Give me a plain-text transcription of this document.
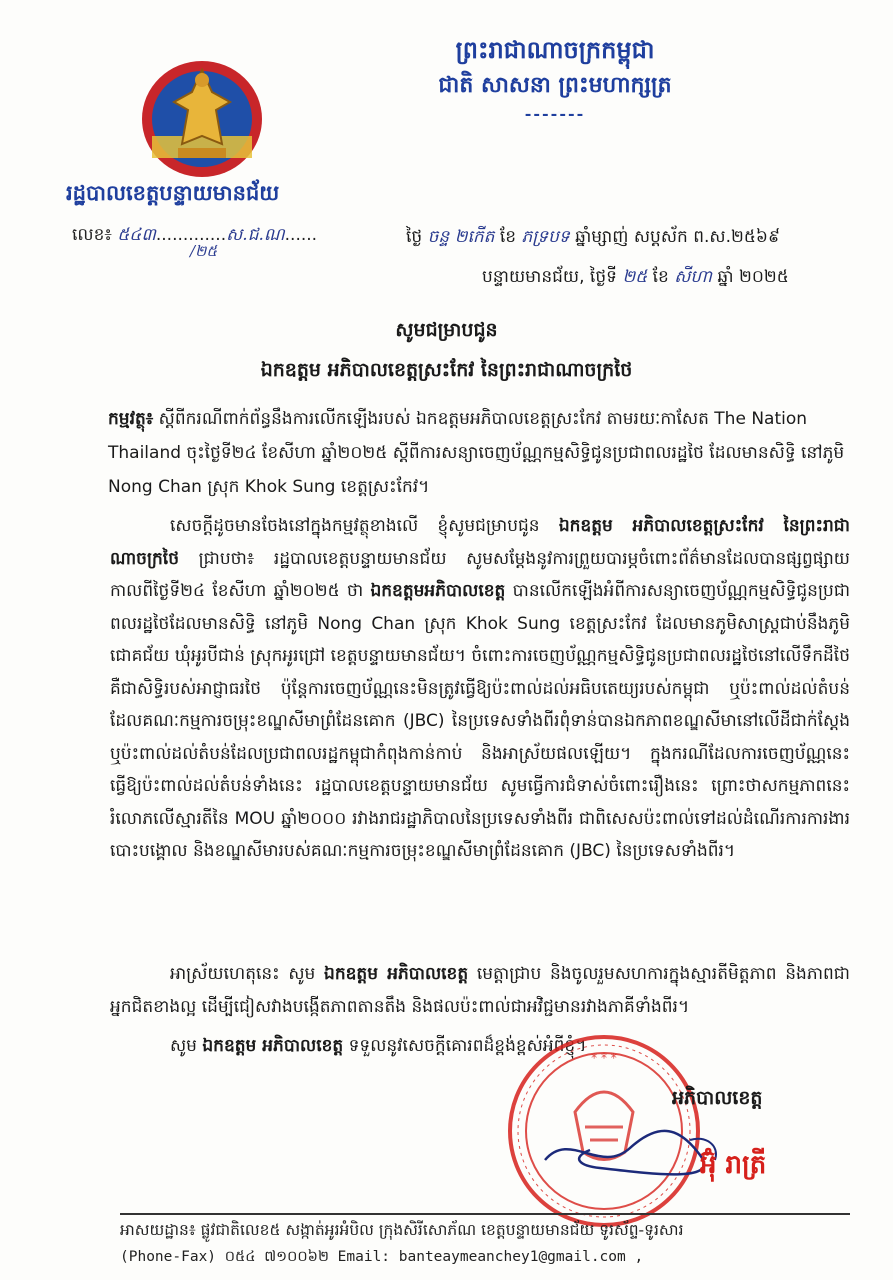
ព្រះរាជាណាចក្រកម្ពុជា
ជាតិ សាសនា ព្រះមហាក្សត្រ
-------
រដ្ឋបាលខេត្តបន្ទាយមានជ័យ
លេខ៖ ៥៤៣.............ស.ជ.ណ......
/២៥
ថ្ងៃ ចន្ទ ២កើត ខែ ភទ្របទ ឆ្នាំម្សាញ់ សប្តស័ក ព.ស.២៥៦៩
បន្ទាយមានជ័យ, ថ្ងៃទី ២៥ ខែ សីហា ឆ្នាំ ២០២៥
សូមជម្រាបជូន
ឯកឧត្តម អភិបាលខេត្តស្រះកែវ នៃព្រះរាជាណាចក្រថៃ
កម្មវត្ថុ៖ ស្តីពីករណីពាក់ព័ន្ធនឹងការលើកឡើងរបស់ ឯកឧត្តមអភិបាលខេត្តស្រះកែវ តាមរយៈកាសែត The Nation Thailand ចុះថ្ងៃទី២៤ ខែសីហា ឆ្នាំ២០២៥ ស្តីពីការសន្យាចេញប័ណ្ណកម្មសិទ្ធិជូនប្រជាពលរដ្ឋថៃ ដែលមានសិទ្ធិ នៅភូមិ Nong Chan ស្រុក Khok Sung ខេត្តស្រះកែវ។
សេចក្តីដូចមានចែងនៅក្នុងកម្មវត្ថុខាងលើ ខ្ញុំសូមជម្រាបជូន ឯកឧត្តម អភិបាលខេត្តស្រះកែវ នៃព្រះរាជាណាចក្រថៃ ជ្រាបថា៖ រដ្ឋបាលខេត្តបន្ទាយមានជ័យ សូមសម្តែងនូវការព្រួយបារម្ភចំពោះព័ត៌មានដែលបានផ្សព្វផ្សាយ កាលពីថ្ងៃទី២៤ ខែសីហា ឆ្នាំ២០២៥ ថា ឯកឧត្តមអភិបាលខេត្ត បានលើកឡើងអំពីការសន្យាចេញប័ណ្ណកម្មសិទ្ធិជូនប្រជាពលរដ្ឋថៃដែលមានសិទ្ធិ នៅភូមិ Nong Chan ស្រុក Khok Sung ខេត្តស្រះកែវ ដែលមានភូមិសាស្ត្រជាប់នឹងភូមិជោគជ័យ ឃុំអូរបីជាន់ ស្រុកអូរជ្រៅ ខេត្តបន្ទាយមានជ័យ។ ចំពោះការចេញប័ណ្ណកម្មសិទ្ធិជូនប្រជាពលរដ្ឋថៃនៅលើទឹកដីថៃគឺជាសិទ្ធិរបស់អាជ្ញាធរថៃ ប៉ុន្តែការចេញប័ណ្ណនេះមិនត្រូវធ្វើឱ្យប៉ះពាល់ដល់អធិបតេយ្យរបស់កម្ពុជា ឬប៉ះពាល់ដល់តំបន់ដែលគណៈកម្មការចម្រុះខណ្ឌសីមាព្រំដែនគោក (JBC) នៃប្រទេសទាំងពីរពុំទាន់បានឯកភាពខណ្ឌសីមានៅលើដីជាក់ស្តែង ឬប៉ះពាល់ដល់តំបន់ដែលប្រជាពលរដ្ឋកម្ពុជាកំពុងកាន់កាប់ និងអាស្រ័យផលឡើយ។ ក្នុងករណីដែលការចេញប័ណ្ណនេះធ្វើឱ្យប៉ះពាល់ដល់តំបន់ទាំងនេះ រដ្ឋបាលខេត្តបន្ទាយមានជ័យ សូមធ្វើការជំទាស់ចំពោះរឿងនេះ ព្រោះថាសកម្មភាពនេះរំលោភលើស្មារតីនៃ MOU ឆ្នាំ២០០០ រវាងរាជរដ្ឋាភិបាលនៃប្រទេសទាំងពីរ ជាពិសេសប៉ះពាល់ទៅដល់ដំណើរការការងារបោះបង្គោល និងខណ្ឌសីមារបស់គណៈកម្មការចម្រុះខណ្ឌសីមាព្រំដែនគោក (JBC) នៃប្រទេសទាំងពីរ។
អាស្រ័យហេតុនេះ សូម ឯកឧត្តម អភិបាលខេត្ត មេត្តាជ្រាប និងចូលរួមសហការក្នុងស្មារតីមិត្តភាព និងភាពជាអ្នកជិតខាងល្អ ដើម្បីជៀសវាងបង្កើតភាពតានតឹង និងផលប៉ះពាល់ជាអវិជ្ជមានរវាងភាគីទាំងពីរ។
សូម ឯកឧត្តម អភិបាលខេត្ត ទទួលនូវសេចក្តីគោរពដ៏ខ្ពង់ខ្ពស់អំពីខ្ញុំ។
* * *
អភិបាលខេត្ត
អ៊ុំ រាត្រី
អាសយដ្ឋាន៖ ផ្លូវជាតិលេខ៥ សង្កាត់អូរអំបិល ក្រុងសិរីសោភ័ណ ខេត្តបន្ទាយមានជ័យ ទូរស័ព្ទ-ទូរសារ
(Phone-Fax) ០៥៤ ៧១០០៦២ Email: banteaymeanchey1@gmail.com ,
